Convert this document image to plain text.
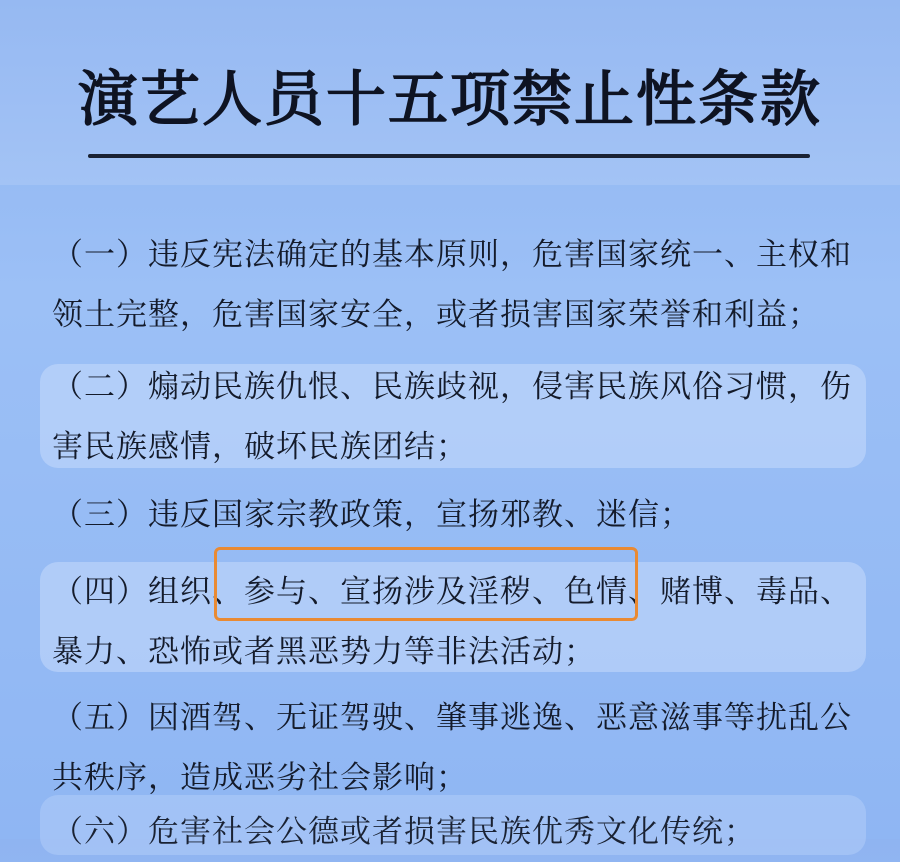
演艺人员十五项禁止性条款
（一）违反宪法确定的基本原则，危害国家统一、主权和
领土完整，危害国家安全，或者损害国家荣誉和利益；
（二）煽动民族仇恨、民族歧视，侵害民族风俗习惯，伤
害民族感情，破坏民族团结；
（三）违反国家宗教政策，宣扬邪教、迷信；
（四）组织、参与、宣扬涉及淫秽、色情、赌博、毒品、
暴力、恐怖或者黑恶势力等非法活动；
（五）因酒驾、无证驾驶、肇事逃逸、恶意滋事等扰乱公
共秩序，造成恶劣社会影响；
（六）危害社会公德或者损害民族优秀文化传统；
